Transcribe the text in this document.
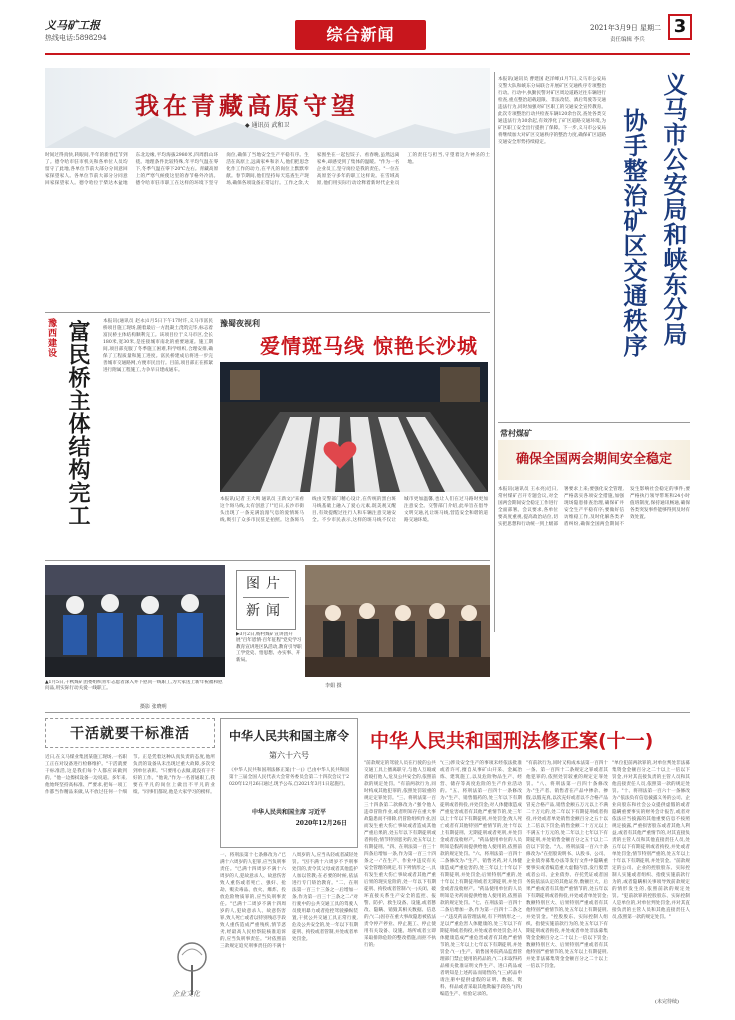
义马矿工报
热线电话:5898294	综合新闻	2021年3月9日 星期二
责任编辑 李兵
3
我在青藏高原守望
◆ 通讯员 武和卫
时间过得真快,转眼间,半年的新春佳节到了。德令哈市驻市机关和各单位人员均留守了此地,各单位节前大部分分同意回家探望家人。各单位节前大部分分同意回家探望家人。德令哈位于柴达木盆地东北边缘,平均海拔2980米,四周群山环绕。地理条件比较特殊,年平均气温在零下,冬季气温在零下20℃左右。青藏高原上的严寒气候使这里的春节格外冷清。德令哈市驻市职工在这样的环境下坚守岗位,确保了当地安全生产平稳有序。生活在高原上,远离家乡和亲人,他们把思念化作工作的动力,在平凡的岗位上默默奉献。春节期间,他们坚持每天巡查生产现场,确保各项设备正常运行。工作之余,大家围坐在一起包饺子、看春晚,虽然远离家乡,却感受到了集体的温暖。"作为一名企业员工,坚守岗位是我的责任。"一位在高原坚守多年的职工这样说。在雪域高原,他们用实际行动诠释着新时代企业员工的责任与担当,守望着这片神圣的土地。	义马市公安局和峡东分局
协手整治矿区交通秩序
本报讯(通讯员 曹建国 赵洋峰)1月7日,义马市公安局交警大队和峡东分局联合开展矿区交通秩序专项整治行动。行动中,执勤民警对矿区周边道路过往车辆进行检查,重点整治超载超限、非法改装、酒后驾驶等交通违法行为,同时加强对矿区职工的交通安全宣传教育。此次专项整治行动共检查车辆120余台次,查处各类交通违法行为30余起,有效净化了矿区道路交通环境,为矿区职工安全出行提供了保障。下一步,义马市公安局将继续加大对矿区交通秩序的整治力度,确保矿区道路交通安全形势持续稳定。
豫西建设 富民桥主体结构完工	本报讯(通讯员 赵永)1月5日下午17时许,义马市富民桥项目施工现场,随着最后一方混凝土浇筑完毕,标志着富民桥主体结构顺利完工。该项目位于义马市区,全长180米,宽30米,是连接城市南北的重要通道。施工期间,项目部克服了冬季施工困难,科学组织,合理安排,确保了工程质量和施工进度。富民桥建成后将进一步完善城市交通路网,方便市民出行。目前,项目部正在抓紧进行附属工程施工,力争早日建成通车。
豫蜀夜视利
爱情斑马线 惊艳长沙城
本报讯(记者 王大鸣 通讯员 王新文)"来看这个斑马线,太有创意了!"近日,长沙市街头出现了一条充满浪漫气息的爱情斑马线,吸引了众多市民驻足拍照。这条斑马线由交警部门精心设计,在传统的黑白斑马线基础上融入了爱心元素,既美观又醒目,有效提醒过往行人和车辆注意交通安全。不少市民表示,这样的斑马线不仅让城市更加温馨,也让人们在过马路时更加注意安全。交警部门介绍,此举旨在倡导文明交通,礼让斑马线,营造安全和谐的道路交通环境。
常村煤矿
确保全国两会期间安全稳定
本报讯(通讯员 王永亮)近日,常村煤矿召开专题会议,对全国两会期间安全稳定工作进行全面部署。会议要求,各单位要高度重视,提高政治站位,切实把思想和行动统一到上级部署要求上来;要强化安全管理,严格落实各项安全措施,加强现场隐患排查治理,确保矿井安全生产平稳有序;要做好信访维稳工作,及时化解各类矛盾纠纷,确保全国两会期间不发生影响社会稳定的事件;要严格执行领导带班和24小时值班制度,保持通讯畅通,确保各类突发事件能够得到及时有效处置。
图片
新闻
▶3月2日,杨村煤矿宣讲团开展"百年恩情·百年征程"党史学习教育宣讲进区队活动,教育引导职工学党史、悟思想、办实事、开新局。
李娟 摄
▲1月5日,千秋煤矿团委组织青年志愿者深入井下慰问一线职工,为大家送上新年祝福和慰问品,用实际行动关爱一线职工。
摄影 张晓明
干活就要干标准活
近日,在义马煤业集团某施工现场,一名职工正在对设备进行检修维护。"干活就要干标准活,这是我们每个人都应该做到的。"他一边擦拭设备一边说道。多年来,他始终坚持高标准、严要求,把每一项工作都当作精品来做,从不放过任何一个细节。正是凭着这种认真负责的态度,他所负责的设备从未出现过重大故障,多次受到单位表彰。"只要用心去做,就没有干不好的工作。"他说,"作为一名普通职工,我要在平凡的岗位上做出不平凡的业绩。"同事们都说,他是大家学习的榜样。
企业文化
中华人民共和国主席令
第六十六号
《中华人民共和国刑法修正案(十一)》已由中华人民共和国第十三届全国人民代表大会常务委员会第二十四次会议于2020年12月26日通过,现予公布,自2021年3月1日起施行。
中华人民共和国主席 习近平
2020年12月26日
一、将刑法第十七条修改为:"已满十六周岁的人犯罪,应当负刑事责任。"已满十四周岁不满十六周岁的人,犯故意杀人、故意伤害致人重伤或者死亡、强奸、抢劫、贩卖毒品、放火、爆炸、投放危险物质罪的,应当负刑事责任。"已满十二周岁不满十四周岁的人,犯故意杀人、故意伤害罪,致人死亡或者以特别残忍手段致人重伤造成严重残疾,情节恶劣,经最高人民检察院核准追诉的,应当负刑事责任。"对依照前三款规定追究刑事责任的不满十八周岁的人,应当从轻或者减轻处罚。"因不满十六周岁不予刑事处罚的,责令其父母或者其他监护人加以管教;在必要的时候,依法进行专门矫治教育。"二、在刑法第一百三十三条之一后增加一条,作为第一百三十三条之二:"对行驶中的公共交通工具的驾驶人员使用暴力或者抢控驾驶操纵装置,干扰公共交通工具正常行驶,危及公共安全的,处一年以下有期徒刑、拘役或者管制,并处或者单处罚金。
中华人民共和国刑法修正案(十一)
"前款规定的驾驶人员在行驶的公共交通工具上擅离职守,与他人互殴或者殴打他人,危及公共安全的,依照前款的规定处罚。"有前两款行为,同时构成其他犯罪的,依照处罚较重的规定定罪处罚。"三、将刑法第一百三十四条第二款修改为:"强令他人违章冒险作业,或者明知存在重大事故隐患而不排除,仍冒险组织作业,因而发生重大伤亡事故或者造成其他严重后果的,处五年以下有期徒刑或者拘役;情节特别恶劣的,处五年以上有期徒刑。"四、在刑法第一百三十四条后增加一条,作为第一百三十四条之一:"在生产、作业中违反有关安全管理的规定,有下列情形之一,具有发生重大伤亡事故或者其他严重后果的现实危险的,处一年以下有期徒刑、拘役或者管制:"(一)关闭、破坏直接关系生产安全的监控、报警、防护、救生设备、设施,或者篡改、隐瞒、销毁其相关数据、信息的;"(二)因存在重大事故隐患被依法责令停产停业、停止施工、停止使用有关设备、设施、场所或者立即采取排除危险的整改措施,而拒不执行的;
"(三)涉及安全生产的事项未经依法批准或者许可,擅自从事矿山开采、金属冶炼、建筑施工,以及危险物品生产、经营、储存等高度危险的生产作业活动的。"五、将刑法第一百四十一条修改为:"生产、销售假药的,处三年以下有期徒刑或者拘役,并处罚金;对人体健康造成严重危害或者有其他严重情节的,处三年以上十年以下有期徒刑,并处罚金;致人死亡或者有其他特别严重情节的,处十年以上有期徒刑、无期徒刑或者死刑,并处罚金或者没收财产。"药品使用单位的人员明知是假药而提供给他人使用的,依照前款的规定处罚。"六、将刑法第一百四十二条修改为:"生产、销售劣药,对人体健康造成严重危害的,处三年以上十年以下有期徒刑,并处罚金;后果特别严重的,处十年以上有期徒刑或者无期徒刑,并处罚金或者没收财产。"药品使用单位的人员明知是劣药而提供给他人使用的,依照前款的规定处罚。"七、在刑法第一百四十二条后增加一条,作为第一百四十二条之一:"违反药品管理法规,有下列情形之一,足以严重危害人体健康的,处三年以下有期徒刑或者拘役,并处或者单处罚金;对人体健康造成严重危害或者有其他严重情节的,处三年以上七年以下有期徒刑,并处罚金:"(一)生产、销售国务院药品监督管理部门禁止使用的药品的;"(二)未取得药品相关批准证明文件生产、进口药品或者明知是上述药品而销售的;"(三)药品申请注册中提供虚假的证明、数据、资料、样品或者采取其他欺骗手段的;"(四)编造生产、检验记录的。
"有前款行为,同时又构成本法第一百四十一条、第一百四十二条规定之罪或者其他犯罪的,依照处罚较重的规定定罪处罚。"八、将刑法第一百四十条修改为:"生产者、销售者在产品中掺杂、掺假,以假充真,以次充好或者以不合格产品冒充合格产品,销售金额五万元以上不满二十万元的,处二年以下有期徒刑或者拘役,并处或者单处销售金额百分之五十以上二倍以下罚金;销售金额二十万元以上不满五十万元的,处二年以上七年以下有期徒刑,并处销售金额百分之五十以上二倍以下罚金。"九、将刑法第一百六十条修改为:"在招股说明书、认股书、公司、企业债券募集办法等发行文件中隐瞒重要事实或者编造重大虚假内容,发行股票或者公司、企业债券、存托凭证或者国务院依法认定的其他证券,数额巨大、后果严重或者有其他严重情节的,处五年以下有期徒刑或者拘役,并处或者单处罚金;数额特别巨大、后果特别严重或者有其他特别严重情节的,处五年以上有期徒刑,并处罚金。"控股股东、实际控制人组织、指使实施前款行为的,处五年以下有期徒刑或者拘役,并处或者单处非法募集资金金额百分之二十以上一倍以下罚金;数额特别巨大、后果特别严重或者有其他特别严重情节的,处五年以上有期徒刑,并处非法募集资金金额百分之二十以上一倍以下罚金。
"单位犯前两款罪的,对单位判处非法募集资金金额百分之二十以上一倍以下罚金,并对其直接负责的主管人员和其他直接责任人员,依照第一款的规定处罚。"十、将刑法第一百六十一条修改为:"依法负有信息披露义务的公司、企业向股东和社会公众提供虚假的或者隐瞒重要事实的财务会计报告,或者对依法应当披露的其他重要信息不按照规定披露,严重损害股东或者其他人利益,或者有其他严重情节的,对其直接负责的主管人员和其他直接责任人员,处五年以下有期徒刑或者拘役,并处或者单处罚金;情节特别严重的,处五年以上十年以下有期徒刑,并处罚金。"前款规定的公司、企业的控股股东、实际控制人实施或者组织、指使实施前款行为的,或者隐瞒相关事项导致前款规定的情形发生的,依照前款的规定处罚。"犯前款罪的控股股东、实际控制人是单位的,对单位判处罚金,并对其直接负责的主管人员和其他直接责任人员,依照第一款的规定处罚。"
(未完待续)
